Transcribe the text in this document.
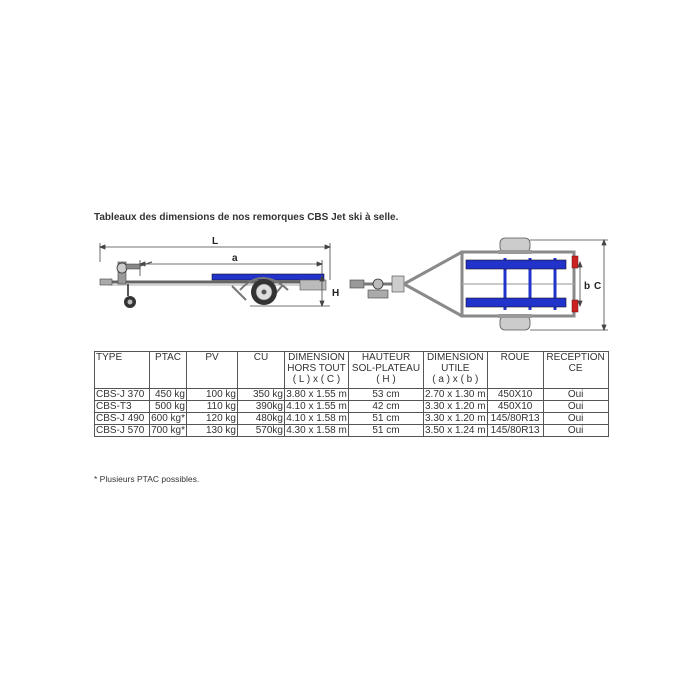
Tableaux des dimensions de nos remorques CBS Jet ski à selle.
L
a
H
b C
TYPE	PTAC	PV	CU	DIMENSION
HORS TOUT
( L ) x ( C )	HAUTEUR
SOL-PLATEAU
( H )	DIMENSION
UTILE
( a ) x ( b )	ROUE	RECEPTION
CE
CBS-J 370	450 kg	100 kg	350 kg	3.80 x 1.55 m	53 cm	2.70 x 1.30 m	450X10	Oui
CBS-T3	500 kg	110 kg	390kg	4.10 x 1.55 m	42 cm	3.30 x 1.20 m	450X10	Oui
CBS-J 490	600 kg*	120 kg	480kg	4.10 x 1.58 m	51 cm	3.30 x 1.20 m	145/80R13	Oui
CBS-J 570	700 kg*	130 kg	570kg	4.30 x 1.58 m	51 cm	3.50 x 1.24 m	145/80R13	Oui
* Plusieurs PTAC possibles.
